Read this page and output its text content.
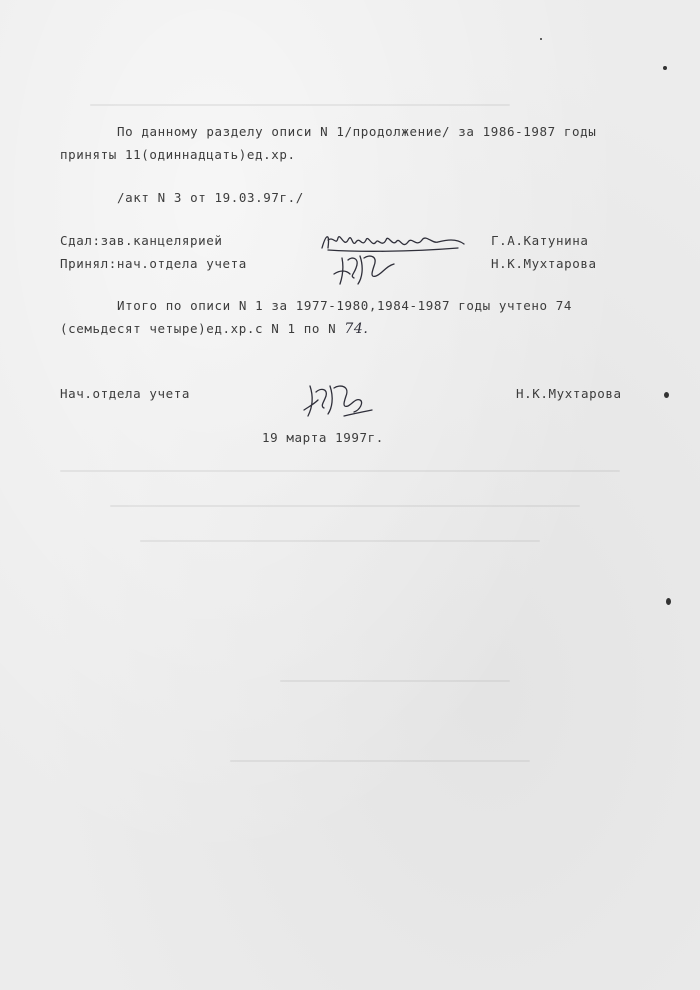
По данному разделу описи N 1/продолжение/ за 1986-1987 годы
приняты 11(одиннадцать)ед.хр.
/акт N 3 от 19.03.97г./
Сдал:зав.канцелярией	Г.А.Катунина
Принял:нач.отдела учета	Н.К.Мухтарова
Итого по описи N 1 за 1977-1980,1984-1987 годы учтено 74
(семьдесят четыре)ед.хр.с N 1 по N 74.
Нач.отдела учета	Н.К.Мухтарова
19 марта 1997г.
